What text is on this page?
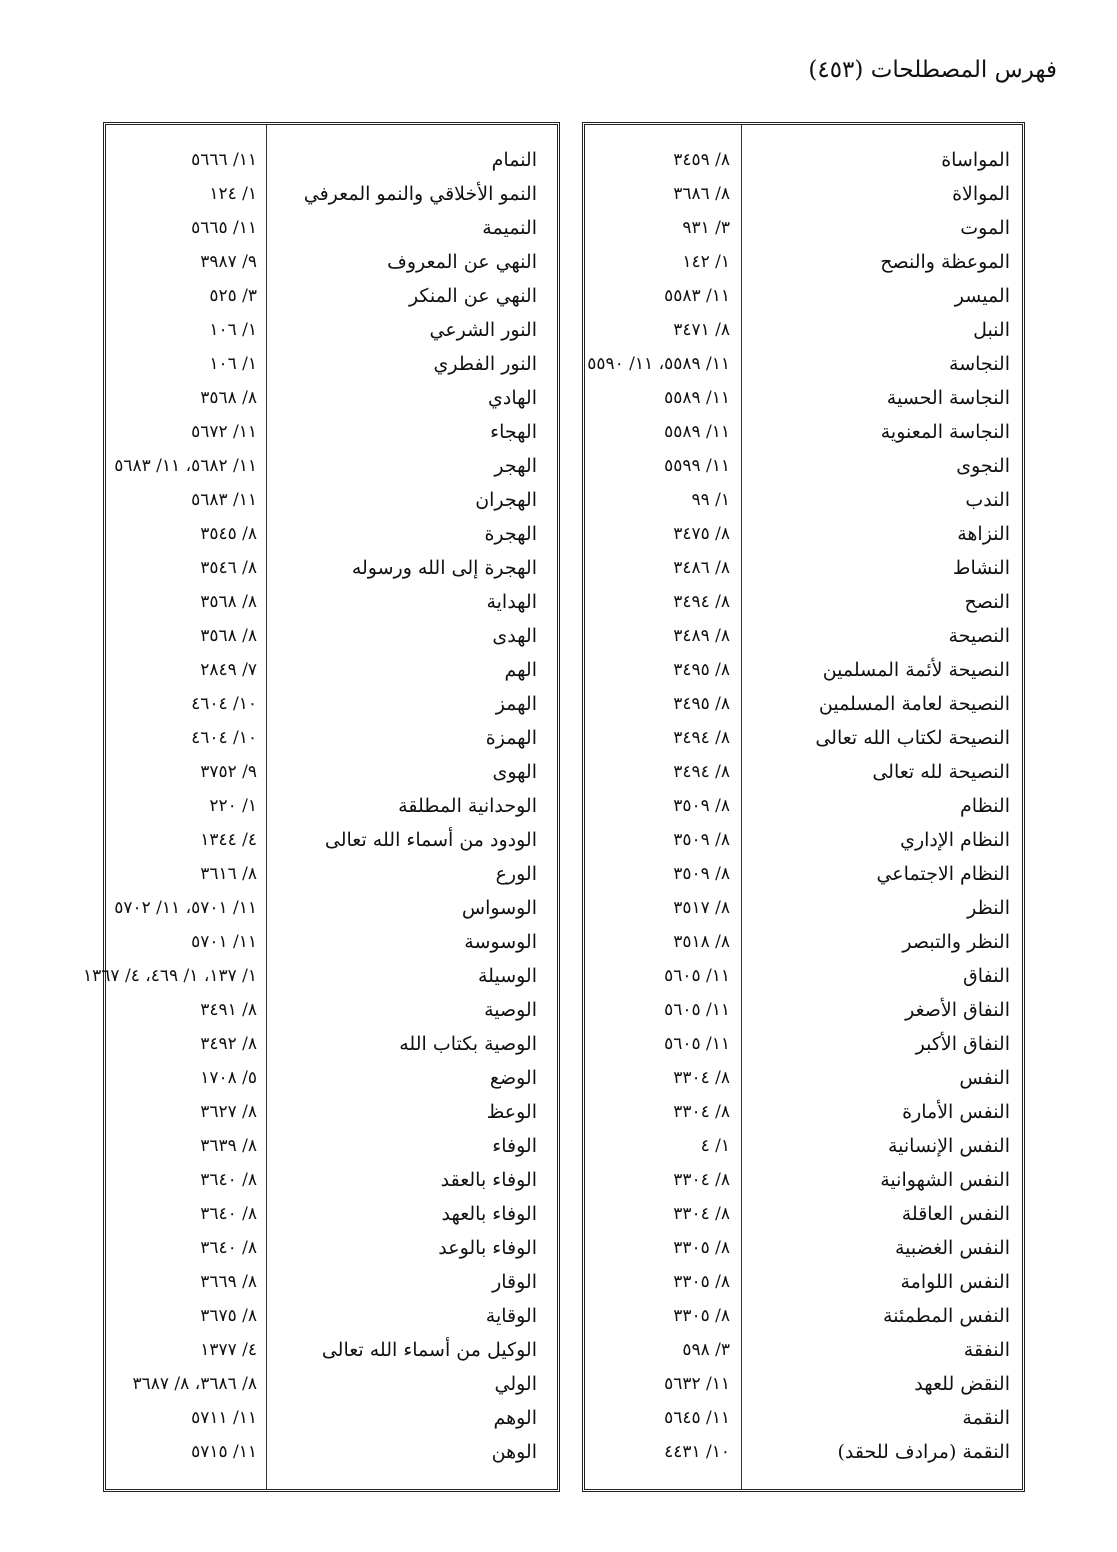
فهرس المصطلحات (٤٥٣)
المواساة
٨/ ٣٤٥٩
الموالاة
٨/ ٣٦٨٦
الموت
٣/ ٩٣١
الموعظة والنصح
١/ ١٤٢
الميسر
١١/ ٥٥٨٣
النبل
٨/ ٣٤٧١
النجاسة
١١/ ٥٥٨٩، ١١/ ٥٥٩٠
النجاسة الحسية
١١/ ٥٥٨٩
النجاسة المعنوية
١١/ ٥٥٨٩
النجوى
١١/ ٥٥٩٩
الندب
١/ ٩٩
النزاهة
٨/ ٣٤٧٥
النشاط
٨/ ٣٤٨٦
النصح
٨/ ٣٤٩٤
النصيحة
٨/ ٣٤٨٩
النصيحة لأئمة المسلمين
٨/ ٣٤٩٥
النصيحة لعامة المسلمين
٨/ ٣٤٩٥
النصيحة لكتاب الله تعالى
٨/ ٣٤٩٤
النصيحة لله تعالى
٨/ ٣٤٩٤
النظام
٨/ ٣٥٠٩
النظام الإداري
٨/ ٣٥٠٩
النظام الاجتماعي
٨/ ٣٥٠٩
النظر
٨/ ٣٥١٧
النظر والتبصر
٨/ ٣٥١٨
النفاق
١١/ ٥٦٠٥
النفاق الأصغر
١١/ ٥٦٠٥
النفاق الأكبر
١١/ ٥٦٠٥
النفس
٨/ ٣٣٠٤
النفس الأمارة
٨/ ٣٣٠٤
النفس الإنسانية
١/ ٤
النفس الشهوانية
٨/ ٣٣٠٤
النفس العاقلة
٨/ ٣٣٠٤
النفس الغضبية
٨/ ٣٣٠٥
النفس اللوامة
٨/ ٣٣٠٥
النفس المطمئنة
٨/ ٣٣٠٥
النفقة
٣/ ٥٩٨
النقض للعهد
١١/ ٥٦٣٢
النقمة
١١/ ٥٦٤٥
النقمة (مرادف للحقد)
١٠/ ٤٤٣١
النمام
١١/ ٥٦٦٦
النمو الأخلاقي والنمو المعرفي
١/ ١٢٤
النميمة
١١/ ٥٦٦٥
النهي عن المعروف
٩/ ٣٩٨٧
النهي عن المنكر
٣/ ٥٢٥
النور الشرعي
١/ ١٠٦
النور الفطري
١/ ١٠٦
الهادي
٨/ ٣٥٦٨
الهجاء
١١/ ٥٦٧٢
الهجر
١١/ ٥٦٨٢، ١١/ ٥٦٨٣
الهجران
١١/ ٥٦٨٣
الهجرة
٨/ ٣٥٤٥
الهجرة إلى الله ورسوله
٨/ ٣٥٤٦
الهداية
٨/ ٣٥٦٨
الهدى
٨/ ٣٥٦٨
الهم
٧/ ٢٨٤٩
الهمز
١٠/ ٤٦٠٤
الهمزة
١٠/ ٤٦٠٤
الهوى
٩/ ٣٧٥٢
الوحدانية المطلقة
١/ ٢٢٠
الودود من أسماء الله تعالى
٤/ ١٣٤٤
الورع
٨/ ٣٦١٦
الوسواس
١١/ ٥٧٠١، ١١/ ٥٧٠٢
الوسوسة
١١/ ٥٧٠١
الوسيلة
١/ ١٣٧، ١/ ٤٦٩، ٤/ ١٣٦٧
الوصية
٨/ ٣٤٩١
الوصية بكتاب الله
٨/ ٣٤٩٢
الوضع
٥/ ١٧٠٨
الوعظ
٨/ ٣٦٢٧
الوفاء
٨/ ٣٦٣٩
الوفاء بالعقد
٨/ ٣٦٤٠
الوفاء بالعهد
٨/ ٣٦٤٠
الوفاء بالوعد
٨/ ٣٦٤٠
الوقار
٨/ ٣٦٦٩
الوقاية
٨/ ٣٦٧٥
الوكيل من أسماء الله تعالى
٤/ ١٣٧٧
الولي
٨/ ٣٦٨٦، ٨/ ٣٦٨٧
الوهم
١١/ ٥٧١١
الوهن
١١/ ٥٧١٥
